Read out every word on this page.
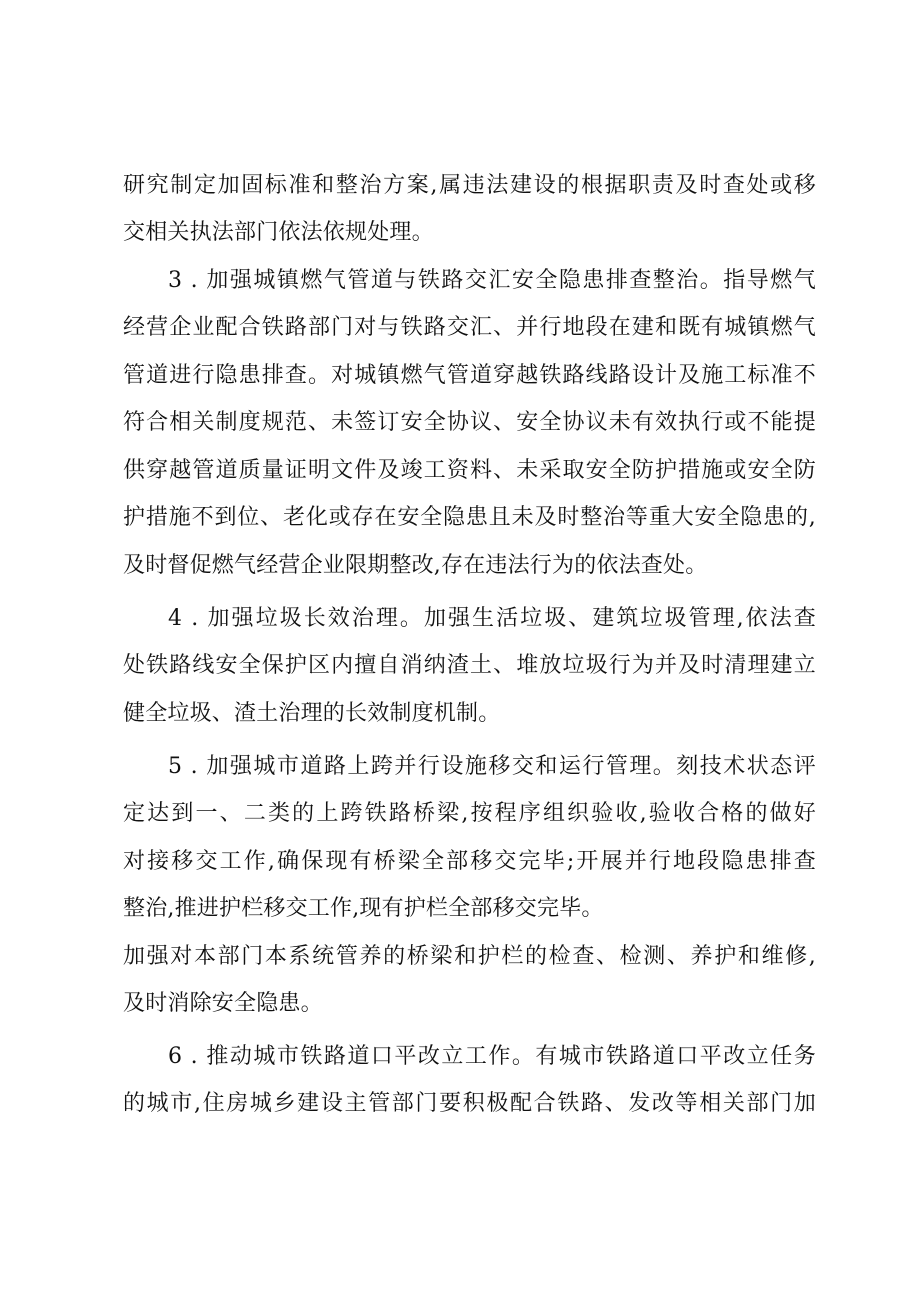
研究制定加固标准和整治方案,属违法建设的根据职责及时查处或移
交相关执法部门依法依规处理。
3 . 加强城镇燃气管道与铁路交汇安全隐患排查整治。指导燃气
经营企业配合铁路部门对与铁路交汇、并行地段在建和既有城镇燃气
管道进行隐患排查。对城镇燃气管道穿越铁路线路设计及施工标准不
符合相关制度规范、未签订安全协议、安全协议未有效执行或不能提
供穿越管道质量证明文件及竣工资料、未采取安全防护措施或安全防
护措施不到位、老化或存在安全隐患且未及时整治等重大安全隐患的,
及时督促燃气经营企业限期整改,存在违法行为的依法查处。
4 . 加强垃圾长效治理。加强生活垃圾、建筑垃圾管理,依法查
处铁路线安全保护区内擅自消纳渣土、堆放垃圾行为并及时清理建立
健全垃圾、渣土治理的长效制度机制。
5 . 加强城市道路上跨并行设施移交和运行管理。刻技术状态评
定达到一、二类的上跨铁路桥梁,按程序组织验收,验收合格的做好
对接移交工作,确保现有桥梁全部移交完毕;开展并行地段隐患排查
整治,推进护栏移交工作,现有护栏全部移交完毕。
加强对本部门本系统管养的桥梁和护栏的检查、检测、养护和维修,
及时消除安全隐患。
6 . 推动城市铁路道口平改立工作。有城市铁路道口平改立任务
的城市,住房城乡建设主管部门要积极配合铁路、发改等相关部门加
